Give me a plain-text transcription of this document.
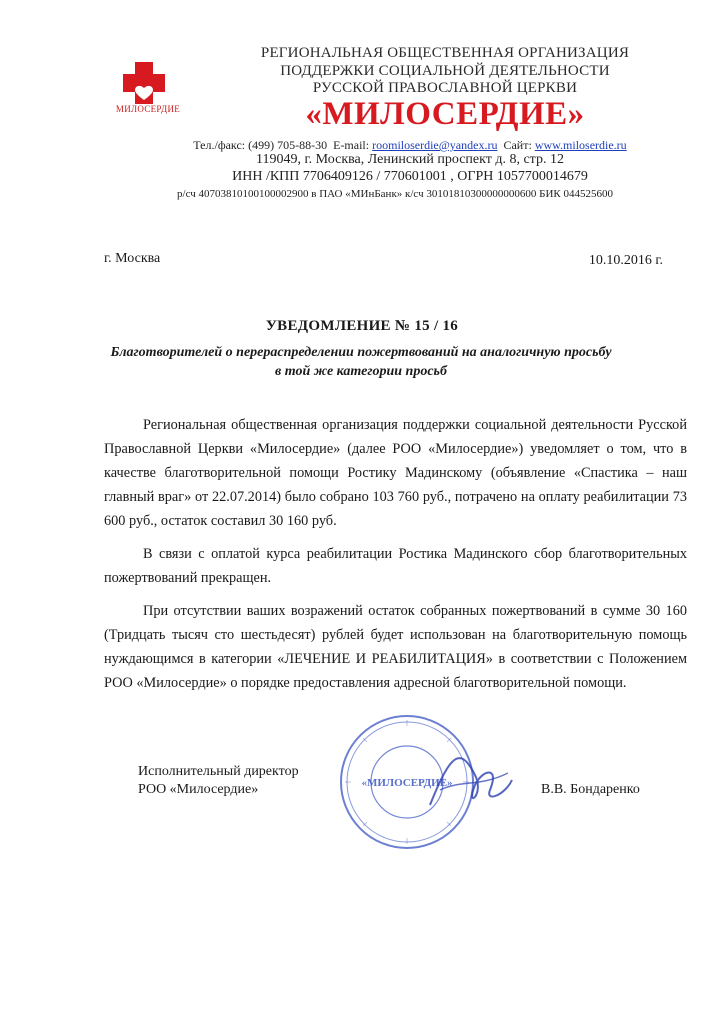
МИЛОСЕРДИЕ
РЕГИОНАЛЬНАЯ ОБЩЕСТВЕННАЯ ОРГАНИЗАЦИЯ
ПОДДЕРЖКИ СОЦИАЛЬНОЙ ДЕЯТЕЛЬНОСТИ
РУССКОЙ ПРАВОСЛАВНОЙ ЦЕРКВИ
«МИЛОСЕРДИЕ»
Тел./факс: (499) 705-88-30 E-mail: roomiloserdie@yandex.ru Сайт: www.miloserdie.ru
119049, г. Москва, Ленинский проспект д. 8, стр. 12
ИНН /КПП 7706409126 / 770601001 , ОГРН 1057700014679
р/сч 40703810100100002900 в ПАО «МИнБанк» к/сч 30101810300000000600 БИК 044525600
г. Москва	10.10.2016 г.
УВЕДОМЛЕНИЕ № 15 / 16
Благотворителей о перераспределении пожертвований на аналогичную просьбу в той же категории просьб

Региональная общественная организация поддержки социальной деятельности Русской Православной Церкви «Милосердие» (далее РОО «Милосердие») уведомляет о том, что в качестве благотворительной помощи Ростику Мадинскому (объявление «Спастика – наш главный враг» от 22.07.2014) было собрано 103 760 руб., потрачено на оплату реабилитации 73 600 руб., остаток составил 30 160 руб.

В связи с оплатой курса реабилитации Ростика Мадинского сбор благотворительных пожертвований прекращен.

При отсутствии ваших возражений остаток собранных пожертвований в сумме 30 160 (Тридцать тысяч сто шестьдесят) рублей будет использован на благотворительную помощь нуждающимся в категории «ЛЕЧЕНИЕ И РЕАБИЛИТАЦИЯ» в соответствии с Положением РОО «Милосердие» о порядке предоставления адресной благотворительной помощи.

Исполнительный директор
РОО «Милосердие»	«МИЛОСЕРДИЕ»	В.В. Бондаренко
